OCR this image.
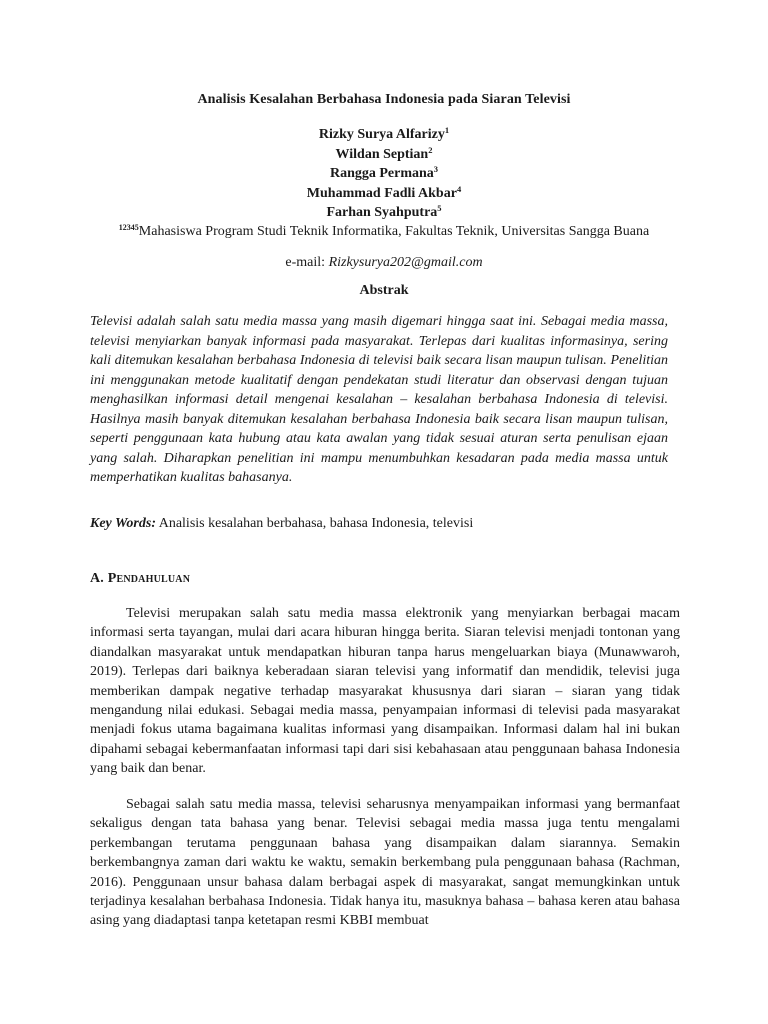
Analisis Kesalahan Berbahasa Indonesia pada Siaran Televisi
Rizky Surya Alfarizy$^1$
Wildan Septian$^2$
Rangga Permana$^3$
Muhammad Fadli Akbar$^4$
Farhan Syahputra$^5$
$^{12345}$Mahasiswa Program Studi Teknik Informatika, Fakultas Teknik, Universitas Sangga Buana
e-mail: Rizkysurya202@gmail.com
Abstrak
Televisi adalah salah satu media massa yang masih digemari hingga saat ini. Sebagai media massa, televisi menyiarkan banyak informasi pada masyarakat. Terlepas dari kualitas informasinya, sering kali ditemukan kesalahan berbahasa Indonesia di televisi baik secara lisan maupun tulisan. Penelitian ini menggunakan metode kualitatif dengan pendekatan studi literatur dan observasi dengan tujuan menghasilkan informasi detail mengenai kesalahan – kesalahan berbahasa Indonesia di televisi. Hasilnya masih banyak ditemukan kesalahan berbahasa Indonesia baik secara lisan maupun tulisan, seperti penggunaan kata hubung atau kata awalan yang tidak sesuai aturan serta penulisan ejaan yang salah. Diharapkan penelitian ini mampu menumbuhkan kesadaran pada media massa untuk memperhatikan kualitas bahasanya.
Key Words: Analisis kesalahan berbahasa, bahasa Indonesia, televisi
A. Pendahuluan
Televisi merupakan salah satu media massa elektronik yang menyiarkan berbagai macam informasi serta tayangan, mulai dari acara hiburan hingga berita. Siaran televisi menjadi tontonan yang diandalkan masyarakat untuk mendapatkan hiburan tanpa harus mengeluarkan biaya (Munawwaroh, 2019). Terlepas dari baiknya keberadaan siaran televisi yang informatif dan mendidik, televisi juga memberikan dampak negative terhadap masyarakat khususnya dari siaran – siaran yang tidak mengandung nilai edukasi. Sebagai media massa, penyampaian informasi di televisi pada masyarakat menjadi fokus utama bagaimana kualitas informasi yang disampaikan. Informasi dalam hal ini bukan dipahami sebagai kebermanfaatan informasi tapi dari sisi kebahasaan atau penggunaan bahasa Indonesia yang baik dan benar.
Sebagai salah satu media massa, televisi seharusnya menyampaikan informasi yang bermanfaat sekaligus dengan tata bahasa yang benar. Televisi sebagai media massa juga tentu mengalami perkembangan terutama penggunaan bahasa yang disampaikan dalam siarannya. Semakin berkembangnya zaman dari waktu ke waktu, semakin berkembang pula penggunaan bahasa (Rachman, 2016). Penggunaan unsur bahasa dalam berbagai aspek di masyarakat, sangat memungkinkan untuk terjadinya kesalahan berbahasa Indonesia. Tidak hanya itu, masuknya bahasa – bahasa keren atau bahasa asing yang diadaptasi tanpa ketetapan resmi KBBI membuat
